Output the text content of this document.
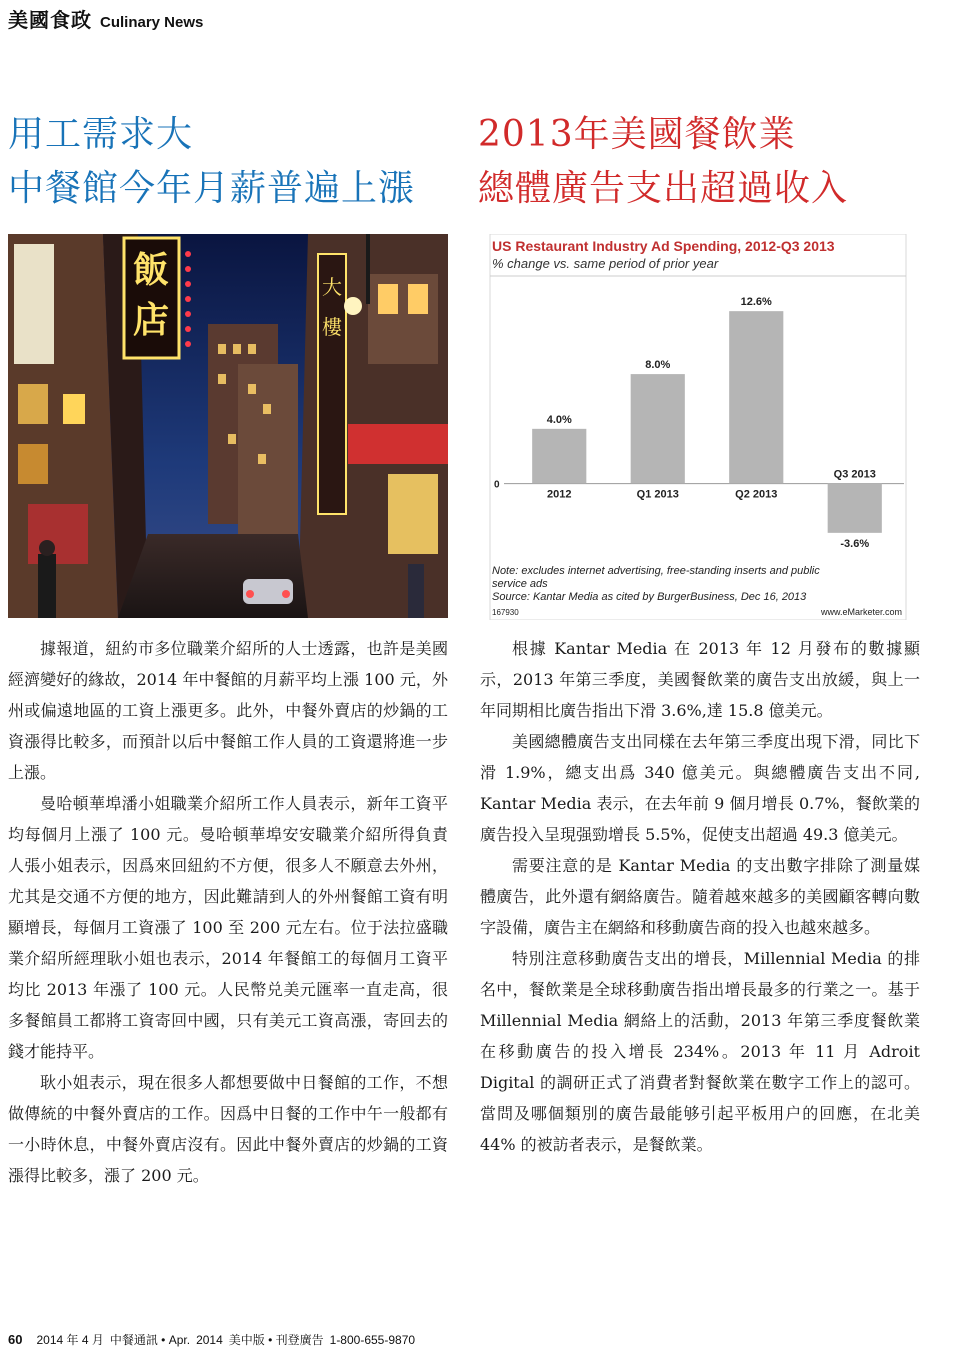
美國食政 Culinary News
用工需求大
中餐館今年月薪普遍上漲
2013年美國餐飲業
總體廣告支出超過收入
飯
店
大
樓
US Restaurant Industry Ad Spending, 2012-Q3 2013
% change vs. same period of prior year
4.0%
2012
8.0%
Q1 2013
12.6%
Q2 2013
-3.6%
Q3 2013
0
Note: excludes internet advertising, free-standing inserts and public service ads
Source: Kantar Media as cited by BurgerBusiness, Dec 16, 2013
167930	www.eMarketer.com

據報道，紐約市多位職業介紹所的人士透露，也許是美國經濟變好的緣故，2014 年中餐館的月薪平均上漲 100 元，外州或偏遠地區的工資上漲更多。此外，中餐外賣店的炒鍋的工資漲得比較多，而預計以后中餐館工作人員的工資還將進一步上漲。

曼哈頓華埠潘小姐職業介紹所工作人員表示，新年工資平均每個月上漲了 100 元。曼哈頓華埠安安職業介紹所得負責人張小姐表示，因爲來回紐約不方便，很多人不願意去外州，尤其是交通不方便的地方，因此難請到人的外州餐館工資有明顯增長，每個月工資漲了 100 至 200 元左右。位于法拉盛職業介紹所經理耿小姐也表示，2014 年餐館工的每個月工資平均比 2013 年漲了 100 元。人民幣兑美元匯率一直走高，很多餐館員工都將工資寄回中國，只有美元工資高漲，寄回去的錢才能持平。

耿小姐表示，現在很多人都想要做中日餐館的工作，不想做傳統的中餐外賣店的工作。因爲中日餐的工作中午一般都有一小時休息，中餐外賣店沒有。因此中餐外賣店的炒鍋的工資漲得比較多，漲了 200 元。

根據 Kantar Media 在 2013 年 12 月發布的數據顯示，2013 年第三季度，美國餐飲業的廣告支出放緩，與上一年同期相比廣告指出下滑 3.6%,達 15.8 億美元。

美國總體廣告支出同樣在去年第三季度出現下滑，同比下滑 1.9%，總支出爲 340 億美元。與總體廣告支出不同, Kantar Media 表示，在去年前 9 個月增長 0.7%，餐飲業的廣告投入呈現强勁增長 5.5%，促使支出超過 49.3 億美元。

需要注意的是 Kantar Media 的支出數字排除了測量媒體廣告，此外還有網絡廣告。隨着越來越多的美國顧客轉向數字設備，廣告主在網絡和移動廣告商的投入也越來越多。

特別注意移動廣告支出的增長，Millennial Media 的排名中，餐飲業是全球移動廣告指出增長最多的行業之一。基于 Millennial Media 網絡上的活動，2013 年第三季度餐飲業在移動廣告的投入增長 234%。2013 年 11 月 Adroit Digital 的調研正式了消費者對餐飲業在數字工作上的認可。當問及哪個類別的廣告最能够引起平板用户的回應，在北美 44% 的被訪者表示，是餐飲業。

60 2014 年 4 月 中餐通訊 • Apr. 2014 美中版 • 刊登廣告 1-800-655-9870
